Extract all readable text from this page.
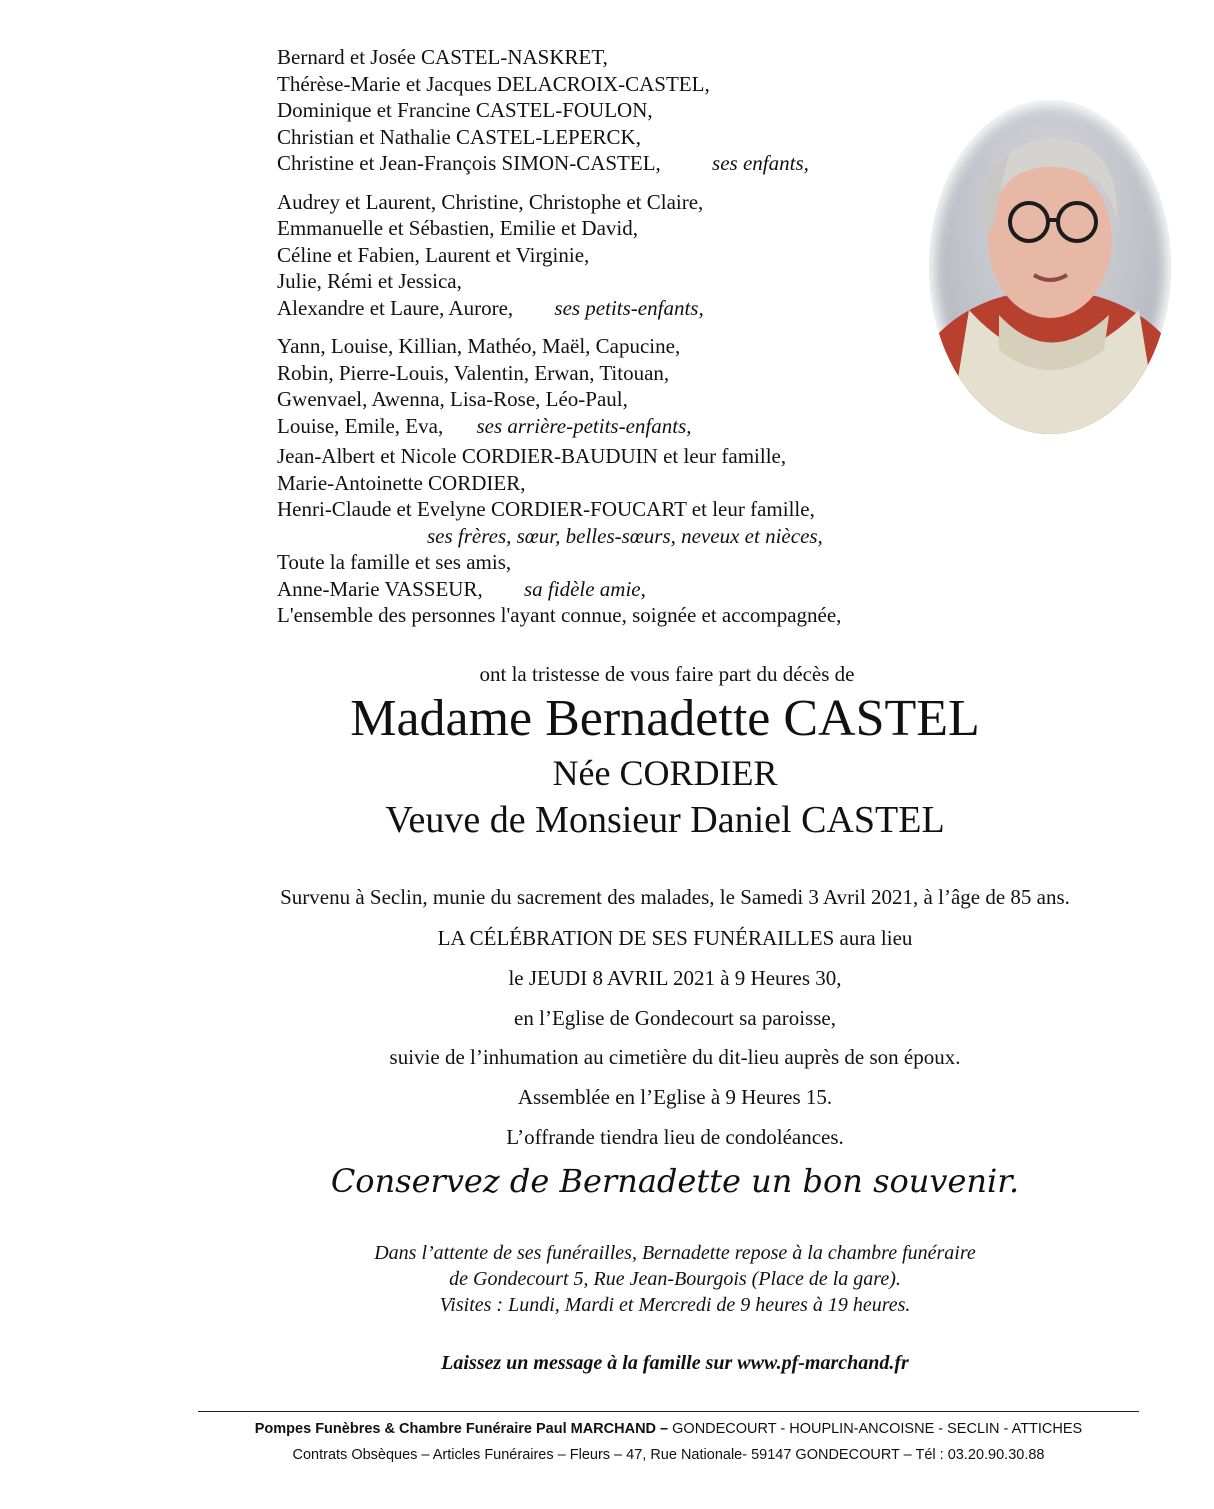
Bernard et Josée CASTEL-NASKRET,
Thérèse-Marie et Jacques DELACROIX-CASTEL,
Dominique et Francine CASTEL-FOULON,
Christian et Nathalie CASTEL-LEPERCK,
Christine et Jean-François SIMON-CASTEL, ses enfants,
Audrey et Laurent, Christine, Christophe et Claire,
Emmanuelle et Sébastien, Emilie et David,
Céline et Fabien, Laurent et Virginie,
Julie, Rémi et Jessica,
Alexandre et Laure, Aurore, ses petits-enfants,
Yann, Louise, Killian, Mathéo, Maël, Capucine,
Robin, Pierre-Louis, Valentin, Erwan, Titouan,
Gwenvael, Awenna, Lisa-Rose, Léo-Paul,
Louise, Emile, Eva, ses arrière-petits-enfants,
Jean-Albert et Nicole CORDIER-BAUDUIN et leur famille,
Marie-Antoinette CORDIER,
Henri-Claude et Evelyne CORDIER-FOUCART et leur famille,
ses frères, sœur, belles-sœurs, neveux et nièces,
Toute la famille et ses amis,
Anne-Marie VASSEUR, sa fidèle amie,
L'ensemble des personnes l'ayant connue, soignée et accompagnée,
ont la tristesse de vous faire part du décès de
Madame Bernadette CASTEL
Née CORDIER
Veuve de Monsieur Daniel CASTEL
Survenu à Seclin, munie du sacrement des malades, le Samedi 3 Avril 2021, à l’âge de 85 ans.
LA CÉLÉBRATION DE SES FUNÉRAILLES aura lieu
le JEUDI 8 AVRIL 2021 à 9 Heures 30,
en l’Eglise de Gondecourt sa paroisse,
suivie de l’inhumation au cimetière du dit-lieu auprès de son époux.
Assemblée en l’Eglise à 9 Heures 15.
L’offrande tiendra lieu de condoléances.
Conservez de Bernadette un bon souvenir.
Dans l’attente de ses funérailles, Bernadette repose à la chambre funéraire
de Gondecourt 5, Rue Jean-Bourgois (Place de la gare).
Visites : Lundi, Mardi et Mercredi de 9 heures à 19 heures.
Laissez un message à la famille sur www.pf-marchand.fr
Pompes Funèbres & Chambre Funéraire Paul MARCHAND – GONDECOURT - HOUPLIN-ANCOISNE - SECLIN - ATTICHES
Contrats Obsèques – Articles Funéraires – Fleurs – 47, Rue Nationale- 59147 GONDECOURT – Tél : 03.20.90.30.88
